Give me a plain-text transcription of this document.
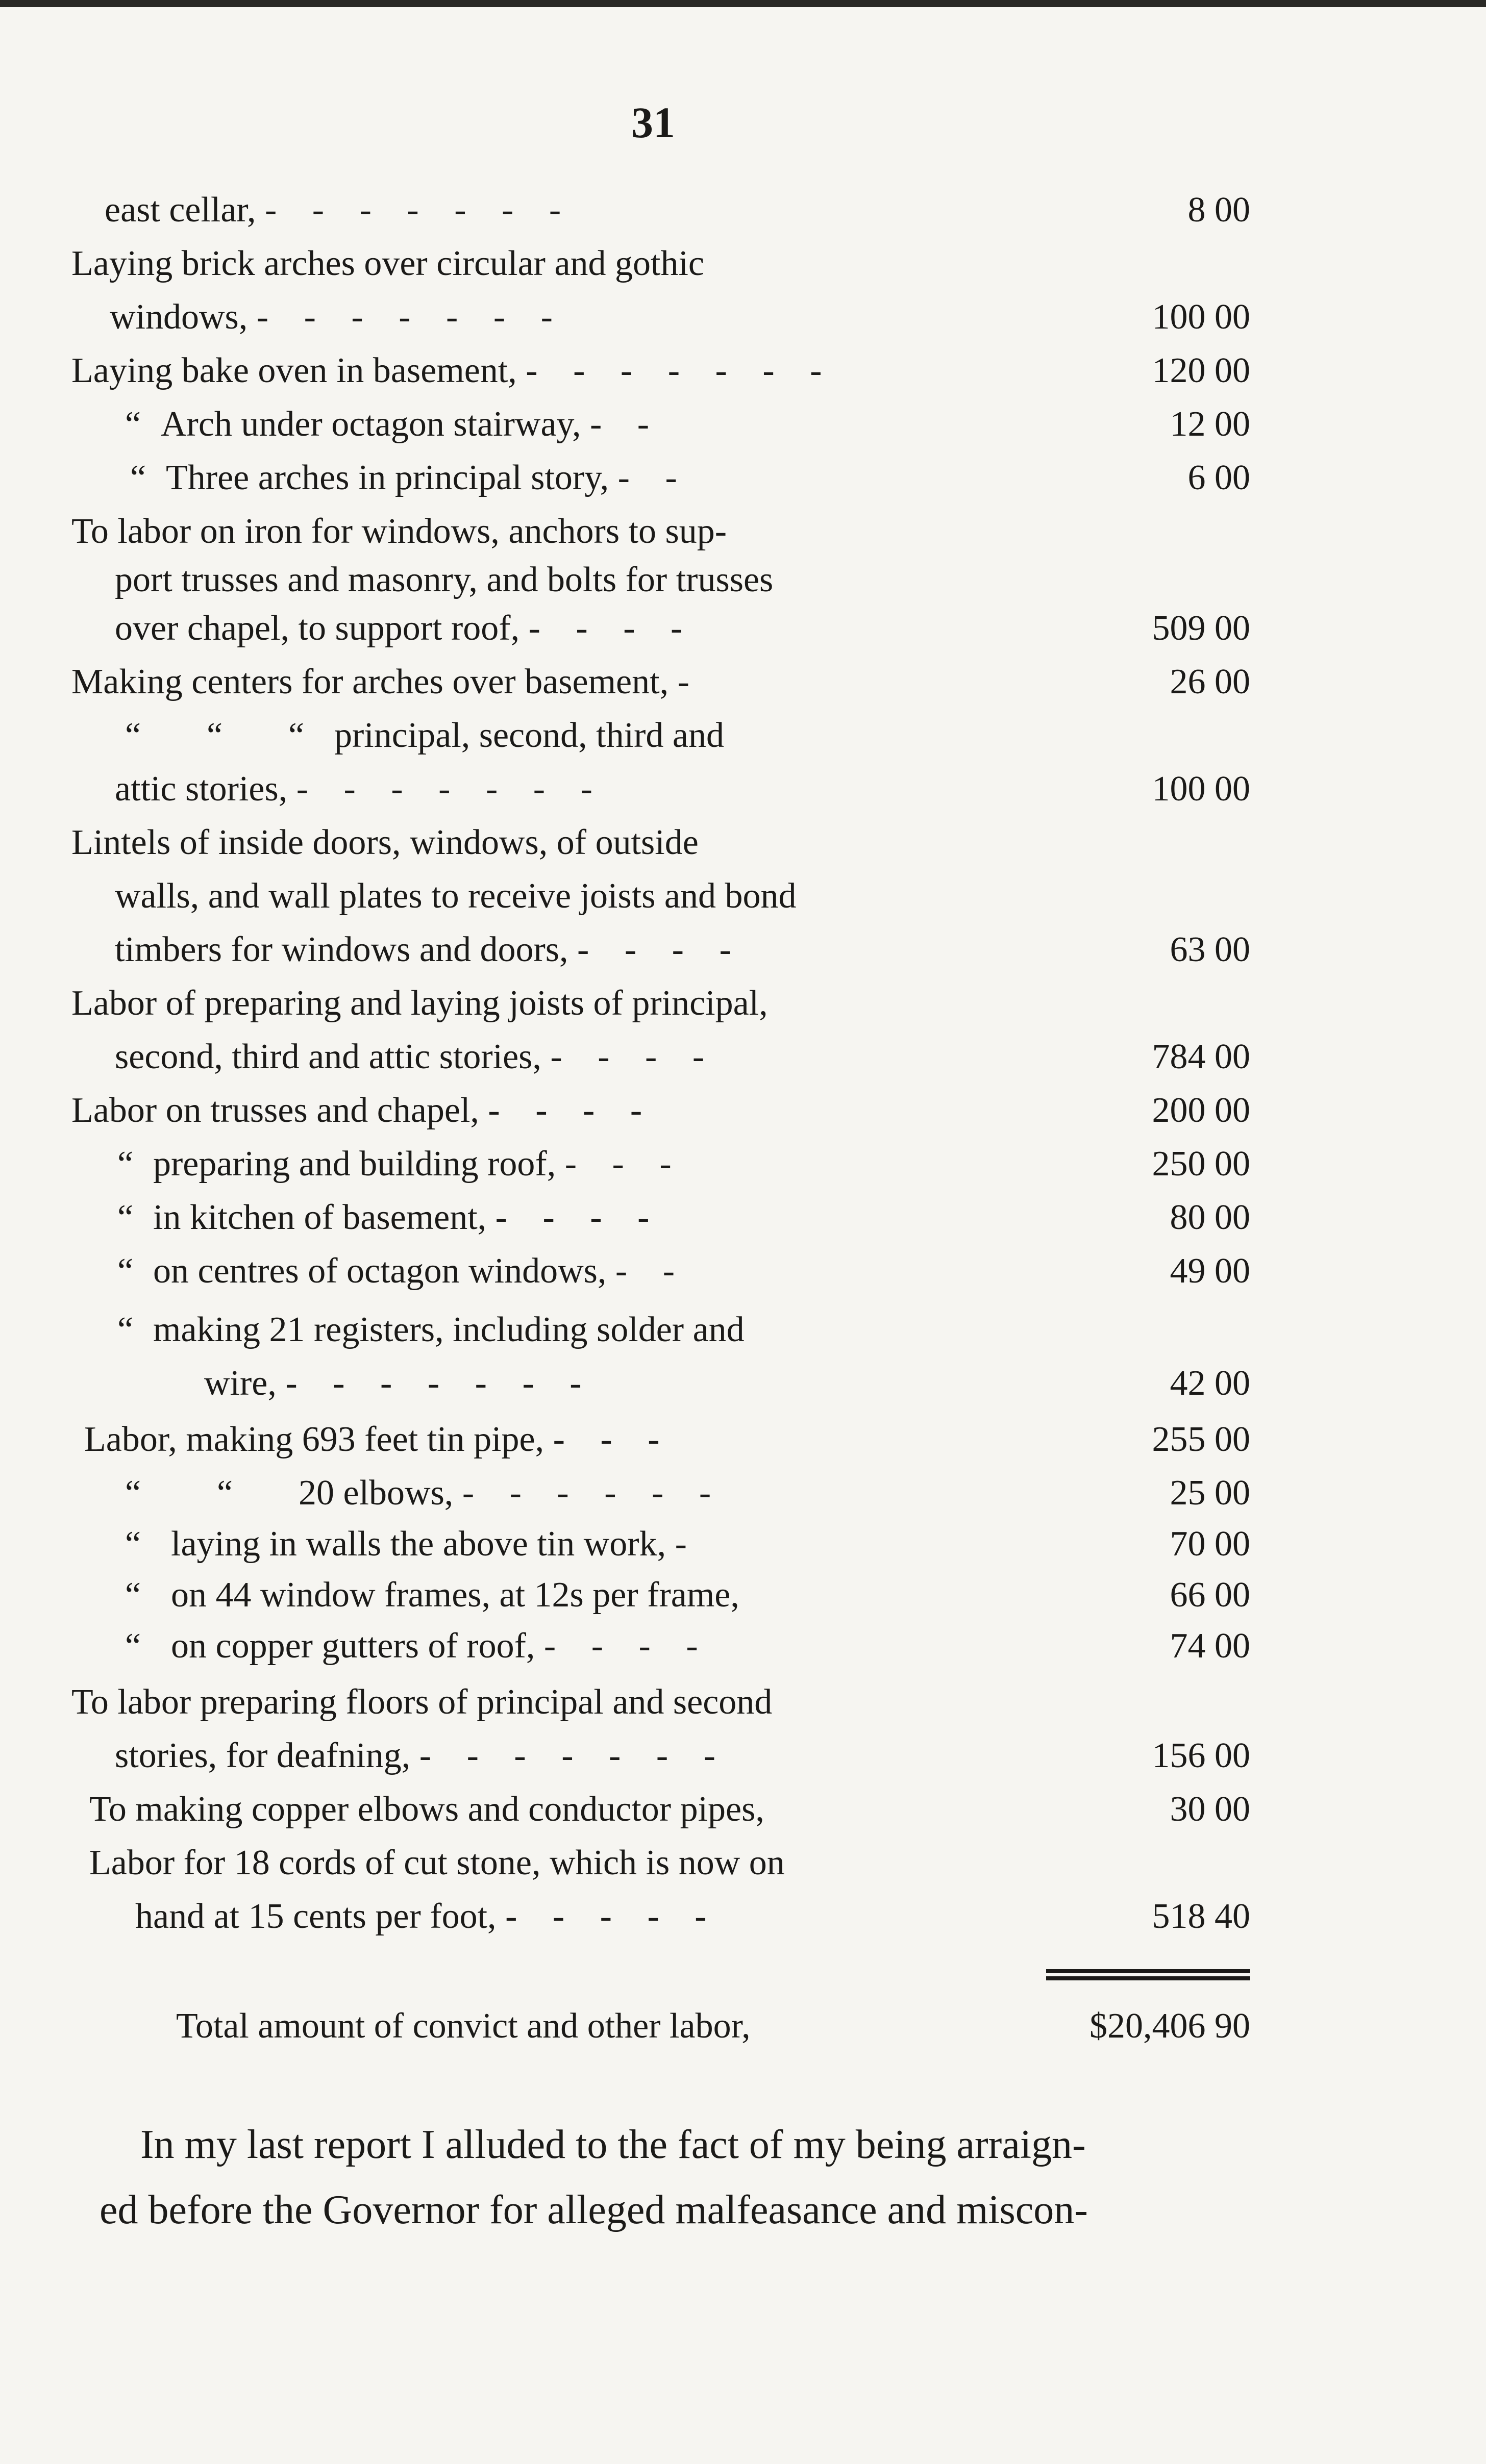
31
east cellar, - - - - - - -	8 00
Laying brick arches over circular and gothic
windows, - - - - - - -	100 00
Laying bake oven in basement, - - - - - - -	120 00
“ Arch under octagon stairway, - -	12 00
“ Three arches in principal story, - -	6 00
To labor on iron for windows, anchors to sup-
port trusses and masonry, and bolts for trusses
over chapel, to support roof, - - - -	509 00
Making centers for arches over basement, -	26 00
“ “ “ principal, second, third and
attic stories, - - - - - - -	100 00
Lintels of inside doors, windows, of outside
walls, and wall plates to receive joists and bond
timbers for windows and doors, - - - -	63 00
Labor of preparing and laying joists of principal,
second, third and attic stories, - - - -	784 00
Labor on trusses and chapel, - - - -	200 00
“ preparing and building roof, - - -	250 00
“ in kitchen of basement, - - - -	80 00
“ on centres of octagon windows, - -	49 00
“ making 21 registers, including solder and
wire, - - - - - - -	42 00
Labor, making 693 feet tin pipe, - - -	255 00
“ “ 20 elbows, - - - - - -	25 00
“ laying in walls the above tin work, -	70 00
“ on 44 window frames, at 12s per frame,	66 00
“ on copper gutters of roof, - - - -	74 00
To labor preparing floors of principal and second
stories, for deafning, - - - - - - -	156 00
To making copper elbows and conductor pipes,	30 00
Labor for 18 cords of cut stone, which is now on
hand at 15 cents per foot, - - - - -	518 40
Total amount of convict and other labor,	$20,406 90
In my last report I alluded to the fact of my being arraign-
ed before the Governor for alleged malfeasance and miscon-
